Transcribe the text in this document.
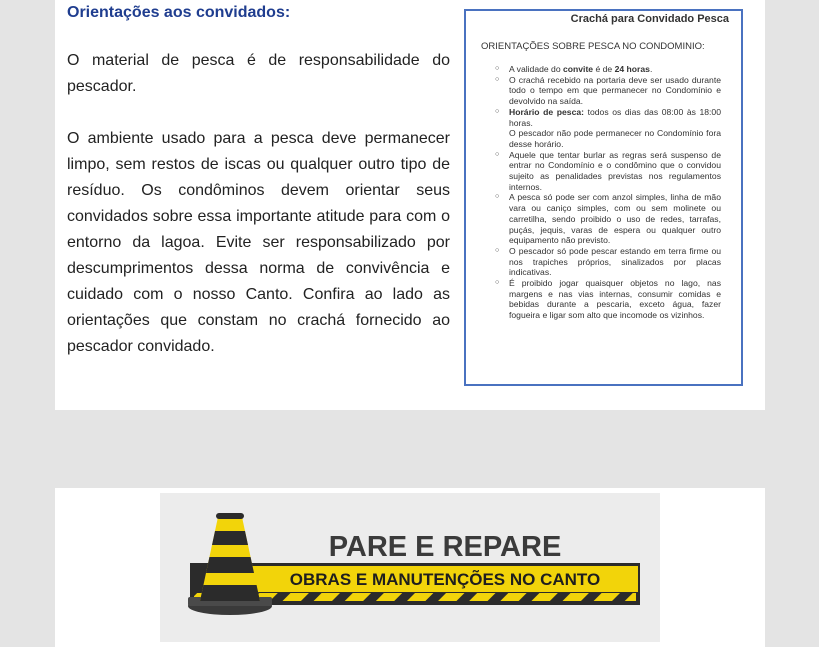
Orientações aos convidados:

O material de pesca é de responsabilidade do pescador.

O ambiente usado para a pesca deve permanecer limpo, sem restos de iscas ou qualquer outro tipo de resíduo. Os condôminos devem orientar seus convidados sobre essa importante atitude para com o entorno da lagoa. Evite ser responsabilizado por descumprimentos dessa norma de convivência e cuidado com o nosso Canto. Confira ao lado as orientações que constam no crachá fornecido ao pescador convidado.

Crachá para Convidado Pesca
ORIENTAÇÕES SOBRE PESCA NO CONDOMINIO:
○ A validade do convite é de 24 horas.
○ O crachá recebido na portaria deve ser usado durante todo o tempo em que permanecer no Condomínio e devolvido na saída.
○ Horário de pesca: todos os dias das 08:00 às 18:00 horas.
O pescador não pode permanecer no Condomínio fora desse horário.
○ Aquele que tentar burlar as regras será suspenso de entrar no Condomínio e o condômino que o convidou sujeito as penalidades previstas nos regulamentos internos.
○ A pesca só pode ser com anzol simples, linha de mão vara ou caniço simples, com ou sem molinete ou carretilha, sendo proibido o uso de redes, tarrafas, puçás, jequis, varas de espera ou qualquer outro equipamento não previsto.
○ O pescador só pode pescar estando em terra firme ou nos trapiches próprios, sinalizados por placas indicativas.
○ É proibido jogar quaisquer objetos no lago, nas margens e nas vias internas, consumir comidas e bebidas durante a pescaria, exceto água, fazer fogueira e ligar som alto que incomode os vizinhos.
PARE E REPARE
OBRAS E MANUTENÇÕES NO CANTO
